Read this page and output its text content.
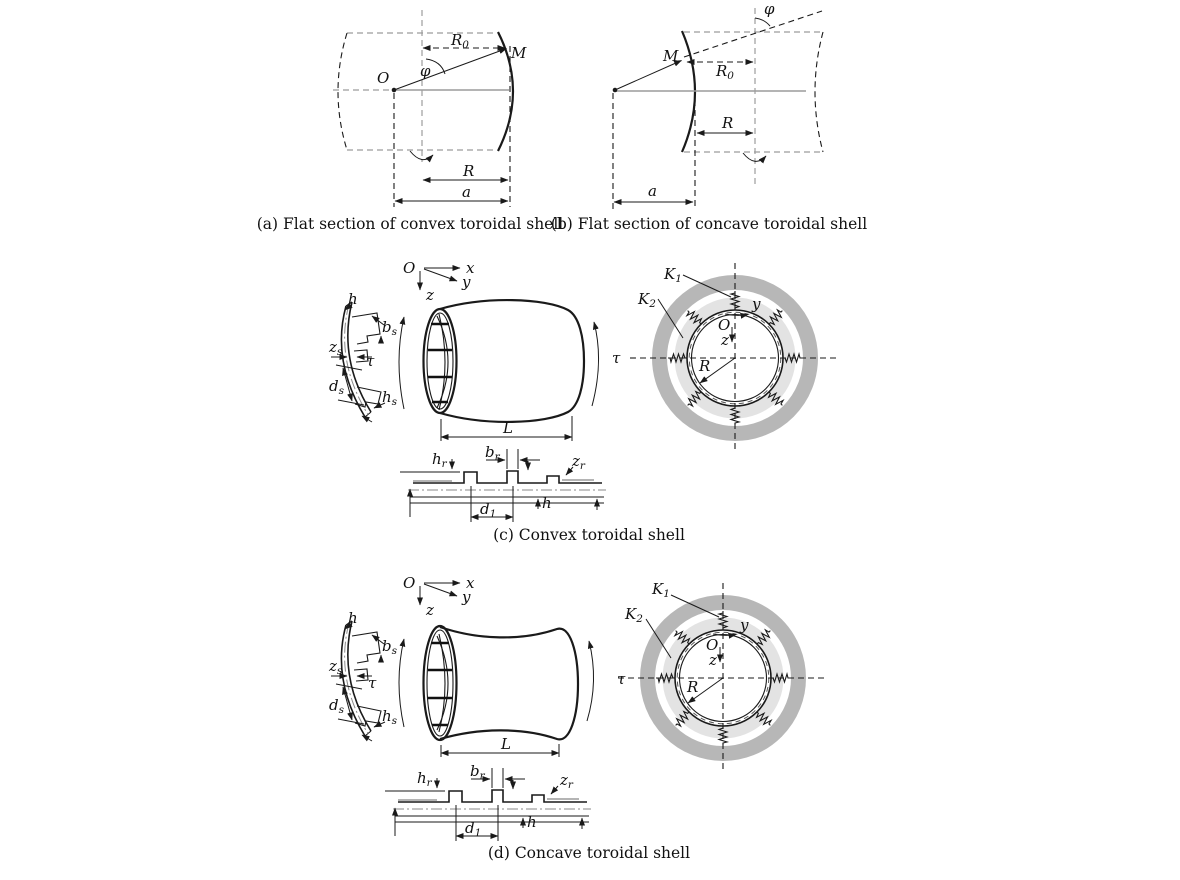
O
M
φ
$R_0$
R
a
(a) Flat section of convex toroidal shell
φ
M
$R_0$
R
a
(b) Flat section of concave toroidal shell
O	x
y
z
h
$b_s$
$z_s$
$d_s$	$h_s$
τ	τ
L
$h_r$
$b_r$	$z_r$
$d_1$
h
$K_1$
$K_2$	y
O
z
R
(c) Convex toroidal shell
O	x
y
z
h
$b_s$
$z_s$
$d_s$	$h_s$
τ	τ
L
$h_r$
$b_r$	$z_r$
$d_1$
h
$K_1$
$K_2$	y
O
z
R
(d) Concave toroidal shell
